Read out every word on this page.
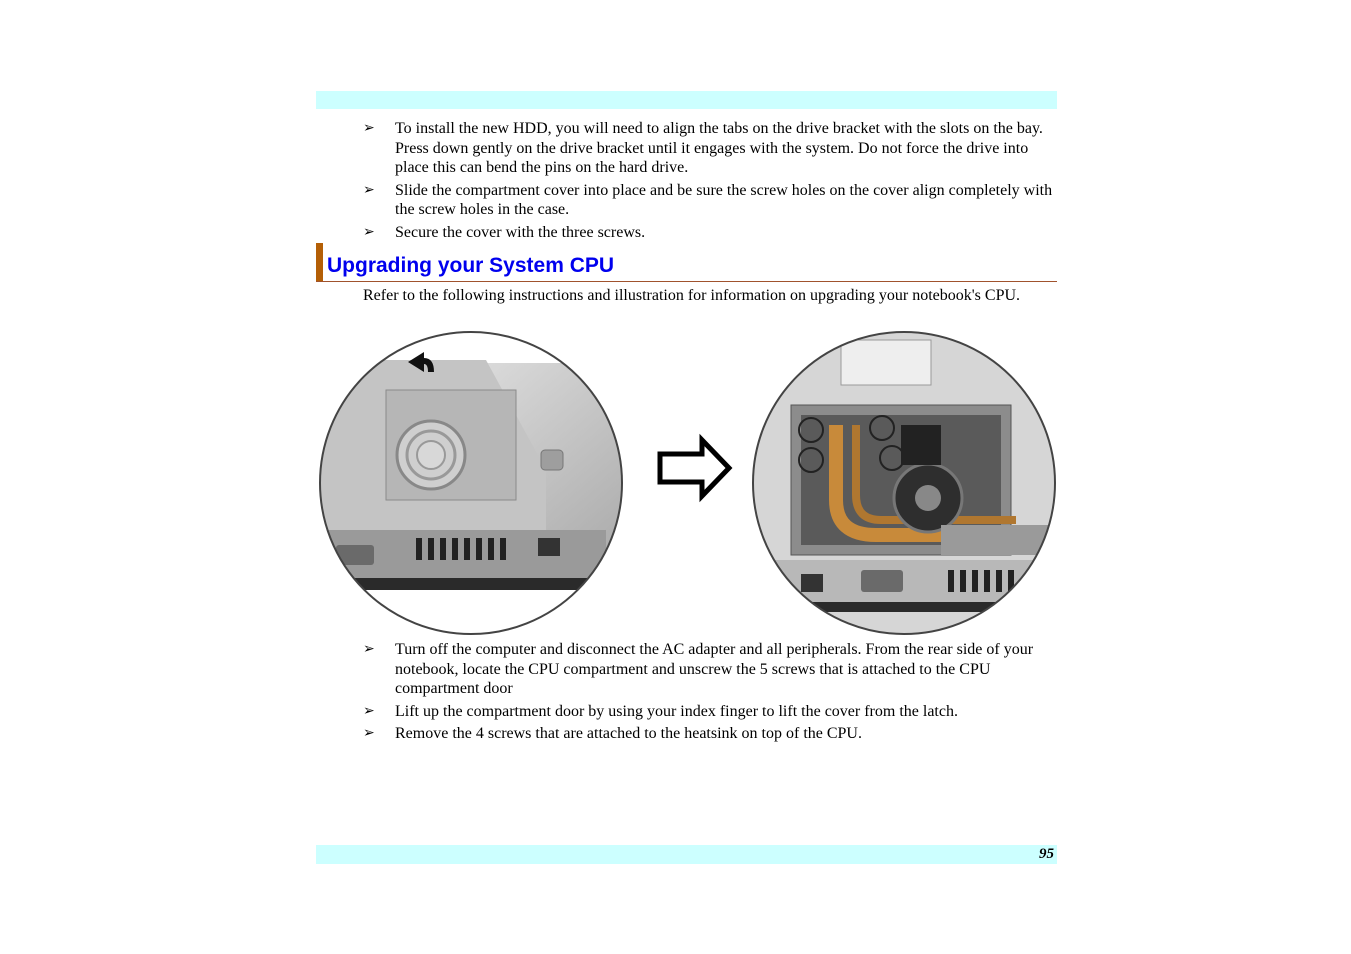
➢ To install the new HDD, you will need to align the tabs on the drive bracket with the slots on the bay. Press down gently on the drive bracket until it engages with the system. Do not force the drive into place this can bend the pins on the hard drive.
➢ Slide the compartment cover into place and be sure the screw holes on the cover align completely with the screw holes in the case.
➢ Secure the cover with the three screws.
Upgrading your System CPU

Refer to the following instructions and illustration for information on upgrading your notebook's CPU.

➢ Turn off the computer and disconnect the AC adapter and all peripherals. From the rear side of your notebook, locate the CPU compartment and unscrew the 5 screws that is attached to the CPU compartment door
➢ Lift up the compartment door by using your index finger to lift the cover from the latch.
➢ Remove the 4 screws that are attached to the heatsink on top of the CPU.
95
